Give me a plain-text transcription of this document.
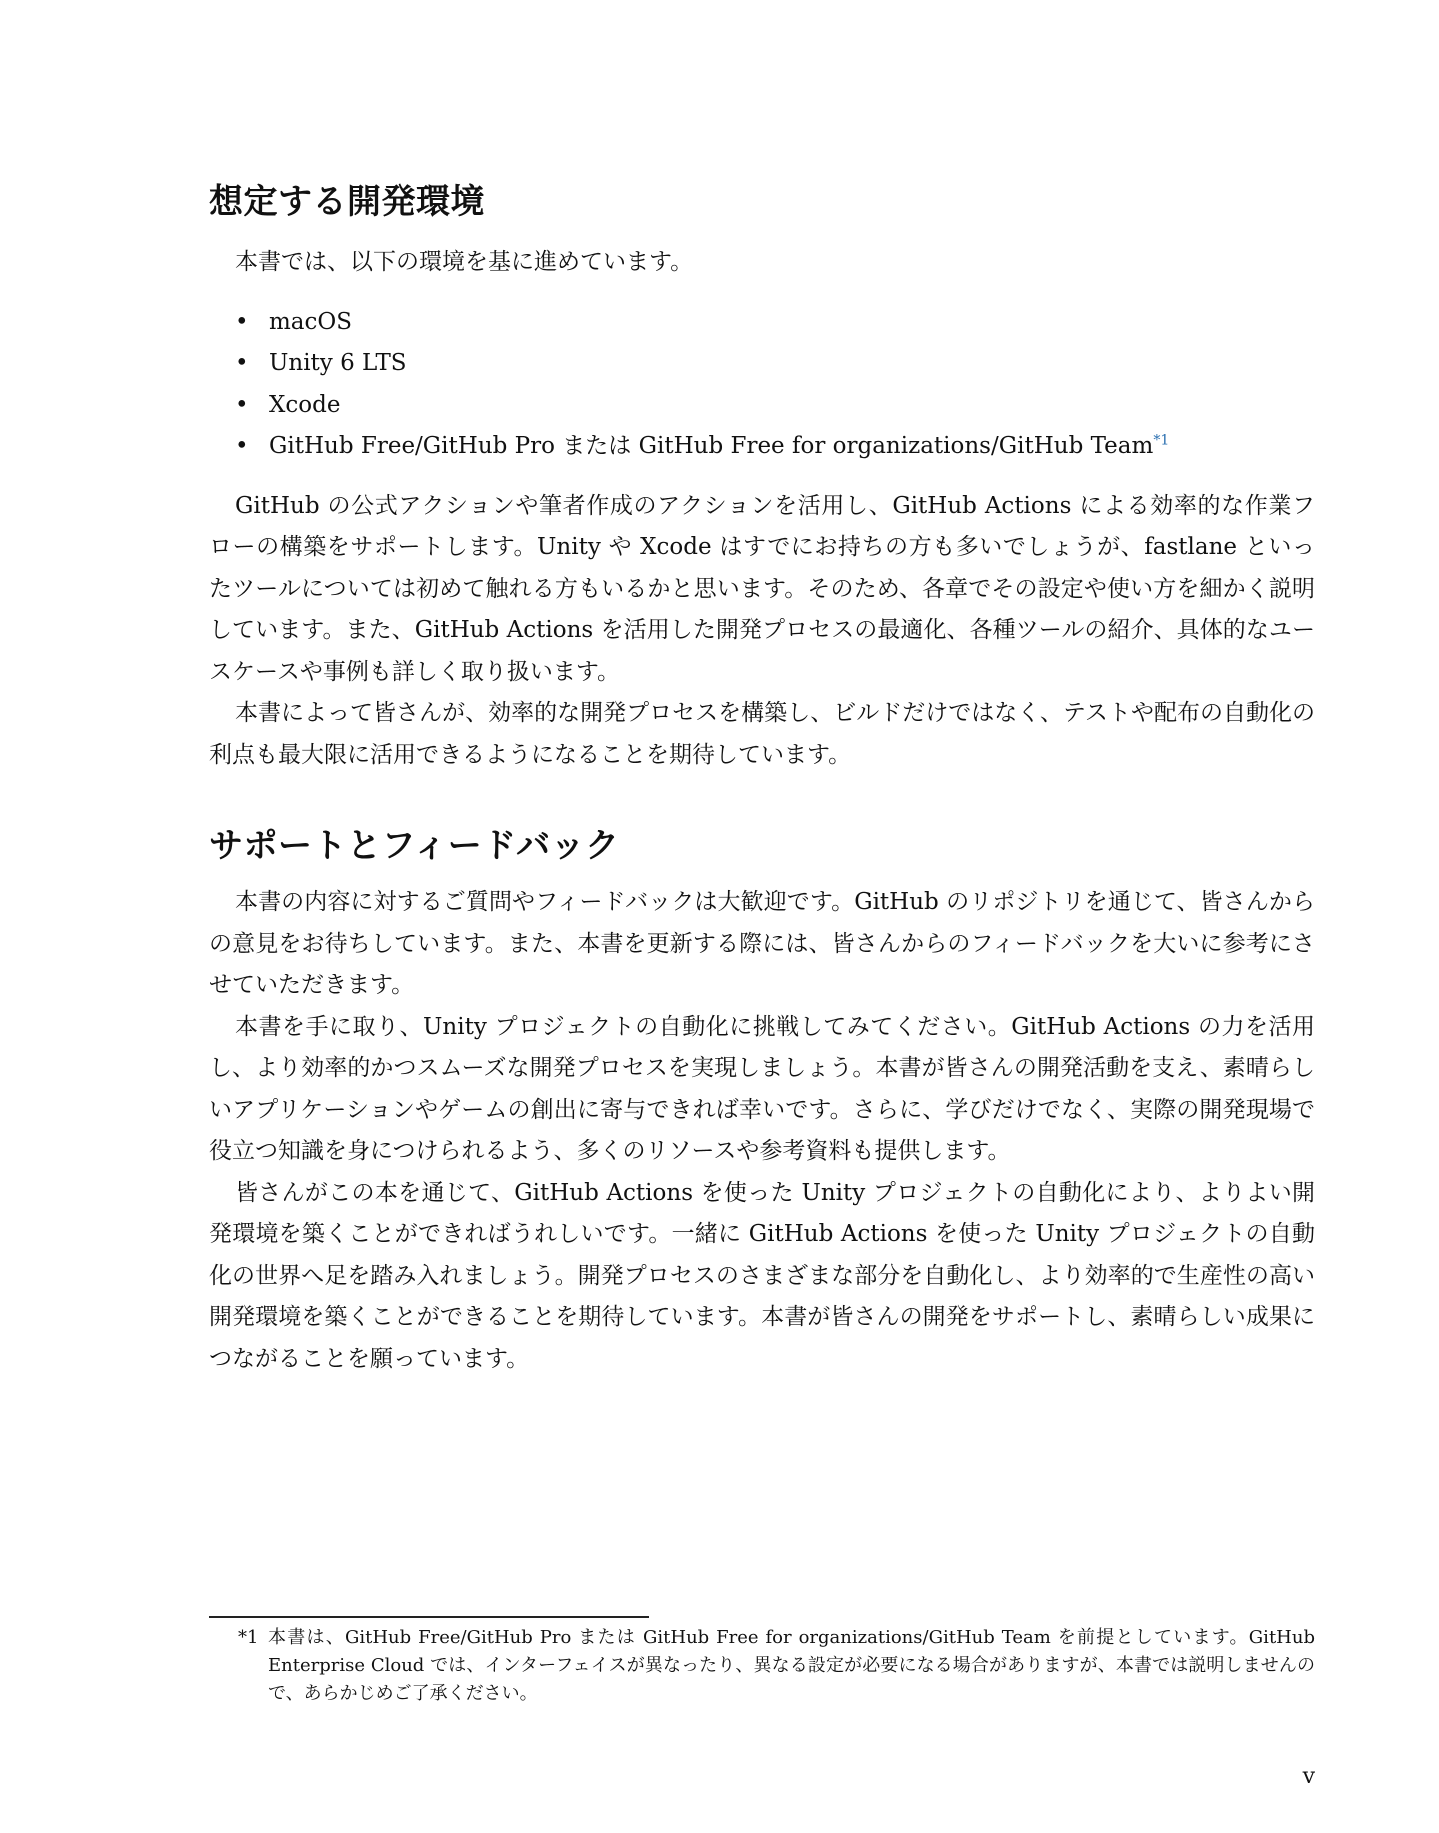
想定する開発環境

本書では、以下の環境を基に進めています。

• macOS
• Unity 6 LTS
• Xcode
• GitHub Free/GitHub Pro または GitHub Free for organizations/GitHub Team$^{*1}$

GitHub の公式アクションや筆者作成のアクションを活用し、GitHub Actions による効率的な作業フローの構築をサポートします。Unity や Xcode はすでにお持ちの方も多いでしょうが、fastlane といったツールについては初めて触れる方もいるかと思います。そのため、各章でその設定や使い方を細かく説明しています。また、GitHub Actions を活用した開発プロセスの最適化、各種ツールの紹介、具体的なユースケースや事例も詳しく取り扱います。

本書によって皆さんが、効率的な開発プロセスを構築し、ビルドだけではなく、テストや配布の自動化の利点も最大限に活用できるようになることを期待しています。

サポートとフィードバック

本書の内容に対するご質問やフィードバックは大歓迎です。GitHub のリポジトリを通じて、皆さんからの意見をお待ちしています。また、本書を更新する際には、皆さんからのフィードバックを大いに参考にさせていただきます。

本書を手に取り、Unity プロジェクトの自動化に挑戦してみてください。GitHub Actions の力を活用し、より効率的かつスムーズな開発プロセスを実現しましょう。本書が皆さんの開発活動を支え、素晴らしいアプリケーションやゲームの創出に寄与できれば幸いです。さらに、学びだけでなく、実際の開発現場で役立つ知識を身につけられるよう、多くのリソースや参考資料も提供します。

皆さんがこの本を通じて、GitHub Actions を使った Unity プロジェクトの自動化により、よりよい開発環境を築くことができればうれしいです。一緒に GitHub Actions を使った Unity プロジェクトの自動化の世界へ足を踏み入れましょう。開発プロセスのさまざまな部分を自動化し、より効率的で生産性の高い開発環境を築くことができることを期待しています。本書が皆さんの開発をサポートし、素晴らしい成果につながることを願っています。

*1 本書は、GitHub Free/GitHub Pro または GitHub Free for organizations/GitHub Team を前提としています。GitHub Enterprise Cloud では、インターフェイスが異なったり、異なる設定が必要になる場合がありますが、本書では説明しませんので、あらかじめご了承ください。
v
